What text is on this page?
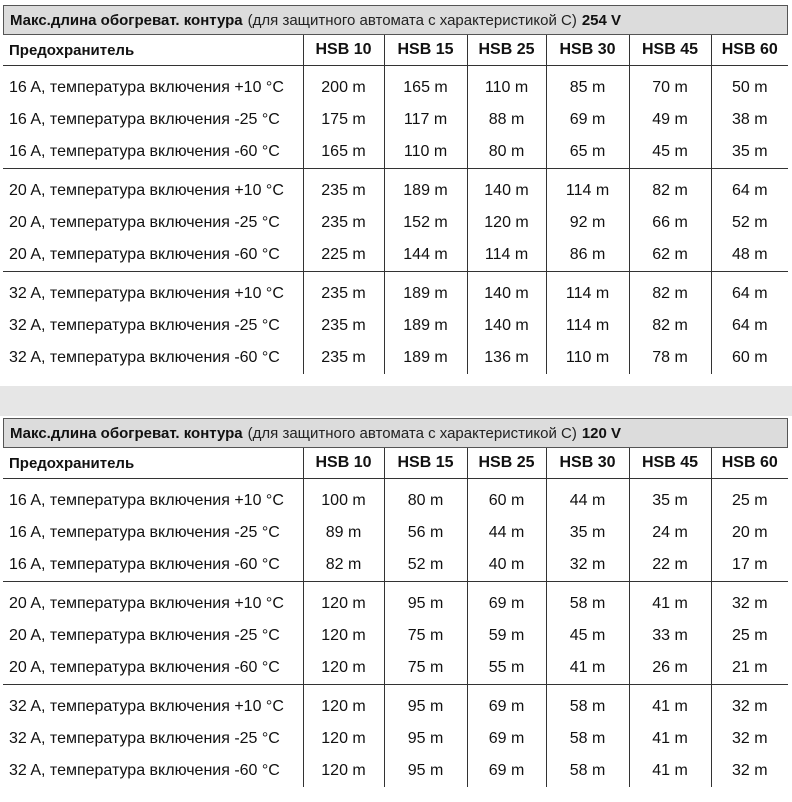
Макс.длина обогреват. контура (для защитного автомата с характеристикой C) 254 V
Предохранитель	HSB 10	HSB 15	HSB 25	HSB 30	HSB 45	HSB 60

16 A, температура включения +10 °C	200 m	165 m	110 m	85 m	70 m	50 m
16 A, температура включения -25 °C	175 m	117 m	88 m	69 m	49 m	38 m
16 A, температура включения -60 °C	165 m	110 m	80 m	65 m	45 m	35 m

20 A, температура включения +10 °C	235 m	189 m	140 m	114 m	82 m	64 m
20 A, температура включения -25 °C	235 m	152 m	120 m	92 m	66 m	52 m
20 A, температура включения -60 °C	225 m	144 m	114 m	86 m	62 m	48 m

32 A, температура включения +10 °C	235 m	189 m	140 m	114 m	82 m	64 m
32 A, температура включения -25 °C	235 m	189 m	140 m	114 m	82 m	64 m
32 A, температура включения -60 °C	235 m	189 m	136 m	110 m	78 m	60 m
Макс.длина обогреват. контура (для защитного автомата с характеристикой C) 120 V
Предохранитель	HSB 10	HSB 15	HSB 25	HSB 30	HSB 45	HSB 60

16 A, температура включения +10 °C	100 m	80 m	60 m	44 m	35 m	25 m
16 A, температура включения -25 °C	89 m	56 m	44 m	35 m	24 m	20 m
16 A, температура включения -60 °C	82 m	52 m	40 m	32 m	22 m	17 m

20 A, температура включения +10 °C	120 m	95 m	69 m	58 m	41 m	32 m
20 A, температура включения -25 °C	120 m	75 m	59 m	45 m	33 m	25 m
20 A, температура включения -60 °C	120 m	75 m	55 m	41 m	26 m	21 m

32 A, температура включения +10 °C	120 m	95 m	69 m	58 m	41 m	32 m
32 A, температура включения -25 °C	120 m	95 m	69 m	58 m	41 m	32 m
32 A, температура включения -60 °C	120 m	95 m	69 m	58 m	41 m	32 m
